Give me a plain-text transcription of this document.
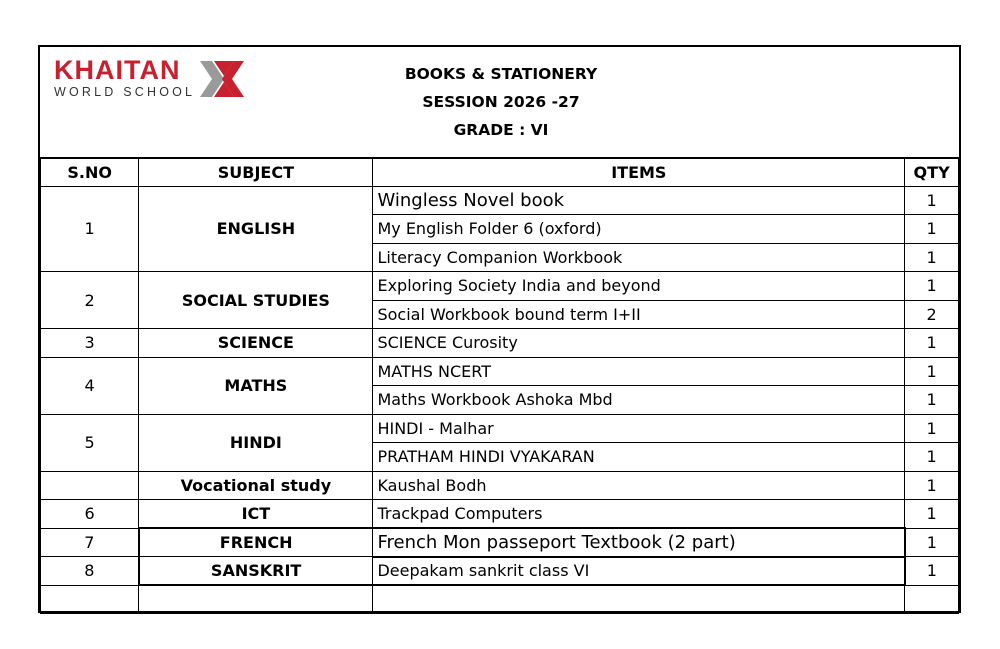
KHAITAN
WORLD SCHOOL
BOOKS & STATIONERY
SESSION 2026 -27
GRADE : VI
S.NO	SUBJECT	ITEMS	QTY
1	ENGLISH	Wingless Novel book	1
		My English Folder 6 (oxford)	1
		Literacy Companion Workbook	1
2	SOCIAL STUDIES	Exploring Society India and beyond	1
		Social Workbook bound term I+II	2
3	SCIENCE	SCIENCE Curosity	1
4	MATHS	MATHS NCERT	1
		Maths Workbook Ashoka Mbd	1
5	HINDI	HINDI - Malhar	1
		PRATHAM HINDI VYAKARAN	1
	Vocational study	Kaushal Bodh	1
6	ICT	Trackpad Computers	1
7	FRENCH	French Mon passeport Textbook (2 part)	1
8	SANSKRIT	Deepakam sankrit class VI	1
